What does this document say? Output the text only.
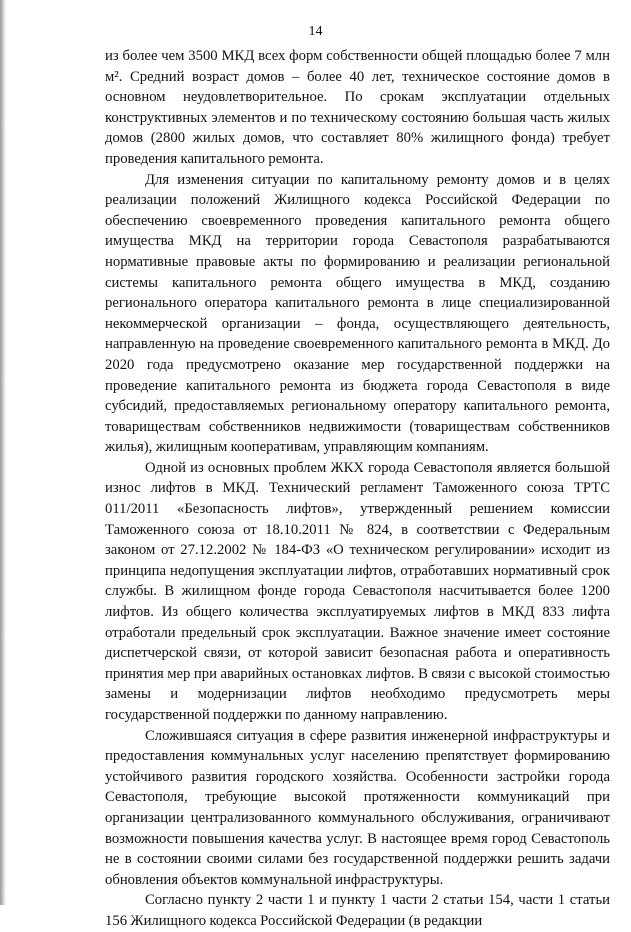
14

из более чем 3500 МКД всех форм собственности общей площадью более 7 млн м². Средний возраст домов – более 40 лет, техническое состояние домов в основном неудовлетворительное. По срокам эксплуатации отдельных конструктивных элементов и по техническому состоянию большая часть жилых домов (2800 жилых домов, что составляет 80% жилищного фонда) требует проведения капитального ремонта.

Для изменения ситуации по капитальному ремонту домов и в целях реализации положений Жилищного кодекса Российской Федерации по обеспечению своевременного проведения капитального ремонта общего имущества МКД на территории города Севастополя разрабатываются нормативные правовые акты по формированию и реализации региональной системы капитального ремонта общего имущества в МКД, созданию регионального оператора капитального ремонта в лице специализированной некоммерческой организации – фонда, осуществляющего деятельность, направленную на проведение своевременного капитального ремонта в МКД. До 2020 года предусмотрено оказание мер государственной поддержки на проведение капитального ремонта из бюджета города Севастополя в виде субсидий, предоставляемых региональному оператору капитального ремонта, товариществам собственников недвижимости (товариществам собственников жилья), жилищным кооперативам, управляющим компаниям.

Одной из основных проблем ЖКХ города Севастополя является большой износ лифтов в МКД. Технический регламент Таможенного союза ТРТС 011/2011 «Безопасность лифтов», утвержденный решением комиссии Таможенного союза от 18.10.2011 № 824, в соответствии с Федеральным законом от 27.12.2002 № 184-ФЗ «О техническом регулировании» исходит из принципа недопущения эксплуатации лифтов, отработавших нормативный срок службы. В жилищном фонде города Севастополя насчитывается более 1200 лифтов. Из общего количества эксплуатируемых лифтов в МКД 833 лифта отработали предельный срок эксплуатации. Важное значение имеет состояние диспетчерской связи, от которой зависит безопасная работа и оперативность принятия мер при аварийных остановках лифтов. В связи с высокой стоимостью замены и модернизации лифтов необходимо предусмотреть меры государственной поддержки по данному направлению.

Сложившаяся ситуация в сфере развития инженерной инфраструктуры и предоставления коммунальных услуг населению препятствует формированию устойчивого развития городского хозяйства. Особенности застройки города Севастополя, требующие высокой протяженности коммуникаций при организации централизованного коммунального обслуживания, ограничивают возможности повышения качества услуг. В настоящее время город Севастополь не в состоянии своими силами без государственной поддержки решить задачи обновления объектов коммунальной инфраструктуры.

Согласно пункту 2 части 1 и пункту 1 части 2 статьи 154, части 1 статьи 156 Жилищного кодекса Российской Федерации (в редакции
